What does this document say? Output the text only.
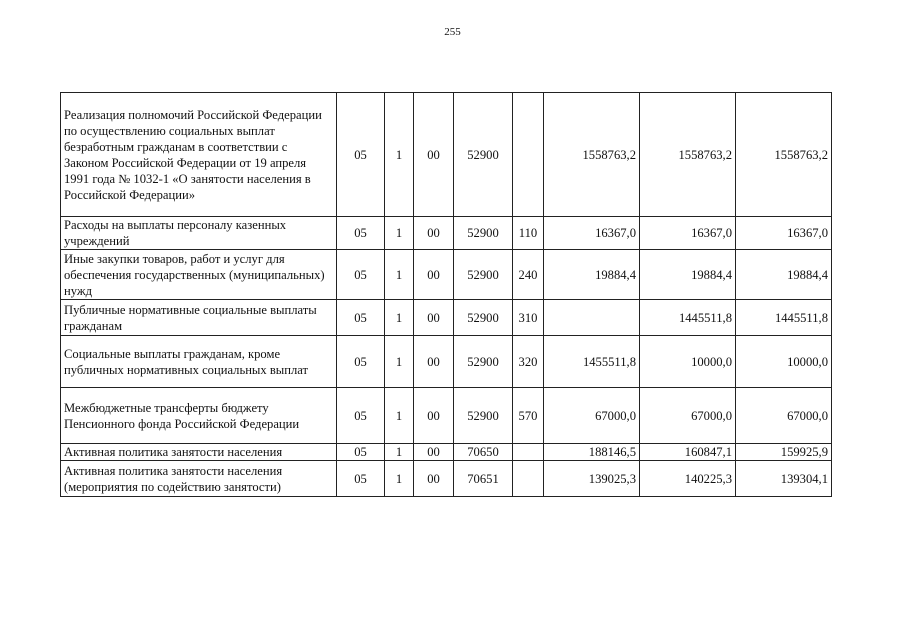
255
Реализация полномочий Российской Федерации по осуществлению социальных выплат безработным гражданам в соответствии с Законом Российской Федерации от 19 апреля 1991 года № 1032-1 «О занятости населения в Российской Федерации»	05	1	00	52900		1558763,2	1558763,2	1558763,2
Расходы на выплаты персоналу казенных учреждений	05	1	00	52900	110	16367,0	16367,0	16367,0
Иные закупки товаров, работ и услуг для обеспечения государственных (муниципальных) нужд	05	1	00	52900	240	19884,4	19884,4	19884,4
Публичные нормативные социальные выплаты гражданам	05	1	00	52900	310		1445511,8	1445511,8
Социальные выплаты гражданам, кроме публичных нормативных социальных выплат	05	1	00	52900	320	1455511,8	10000,0	10000,0
Межбюджетные трансферты бюджету Пенсионного фонда Российской Федерации	05	1	00	52900	570	67000,0	67000,0	67000,0
Активная политика занятости населения	05	1	00	70650		188146,5	160847,1	159925,9
Активная политика занятости населения (мероприятия по содействию занятости)	05	1	00	70651		139025,3	140225,3	139304,1
